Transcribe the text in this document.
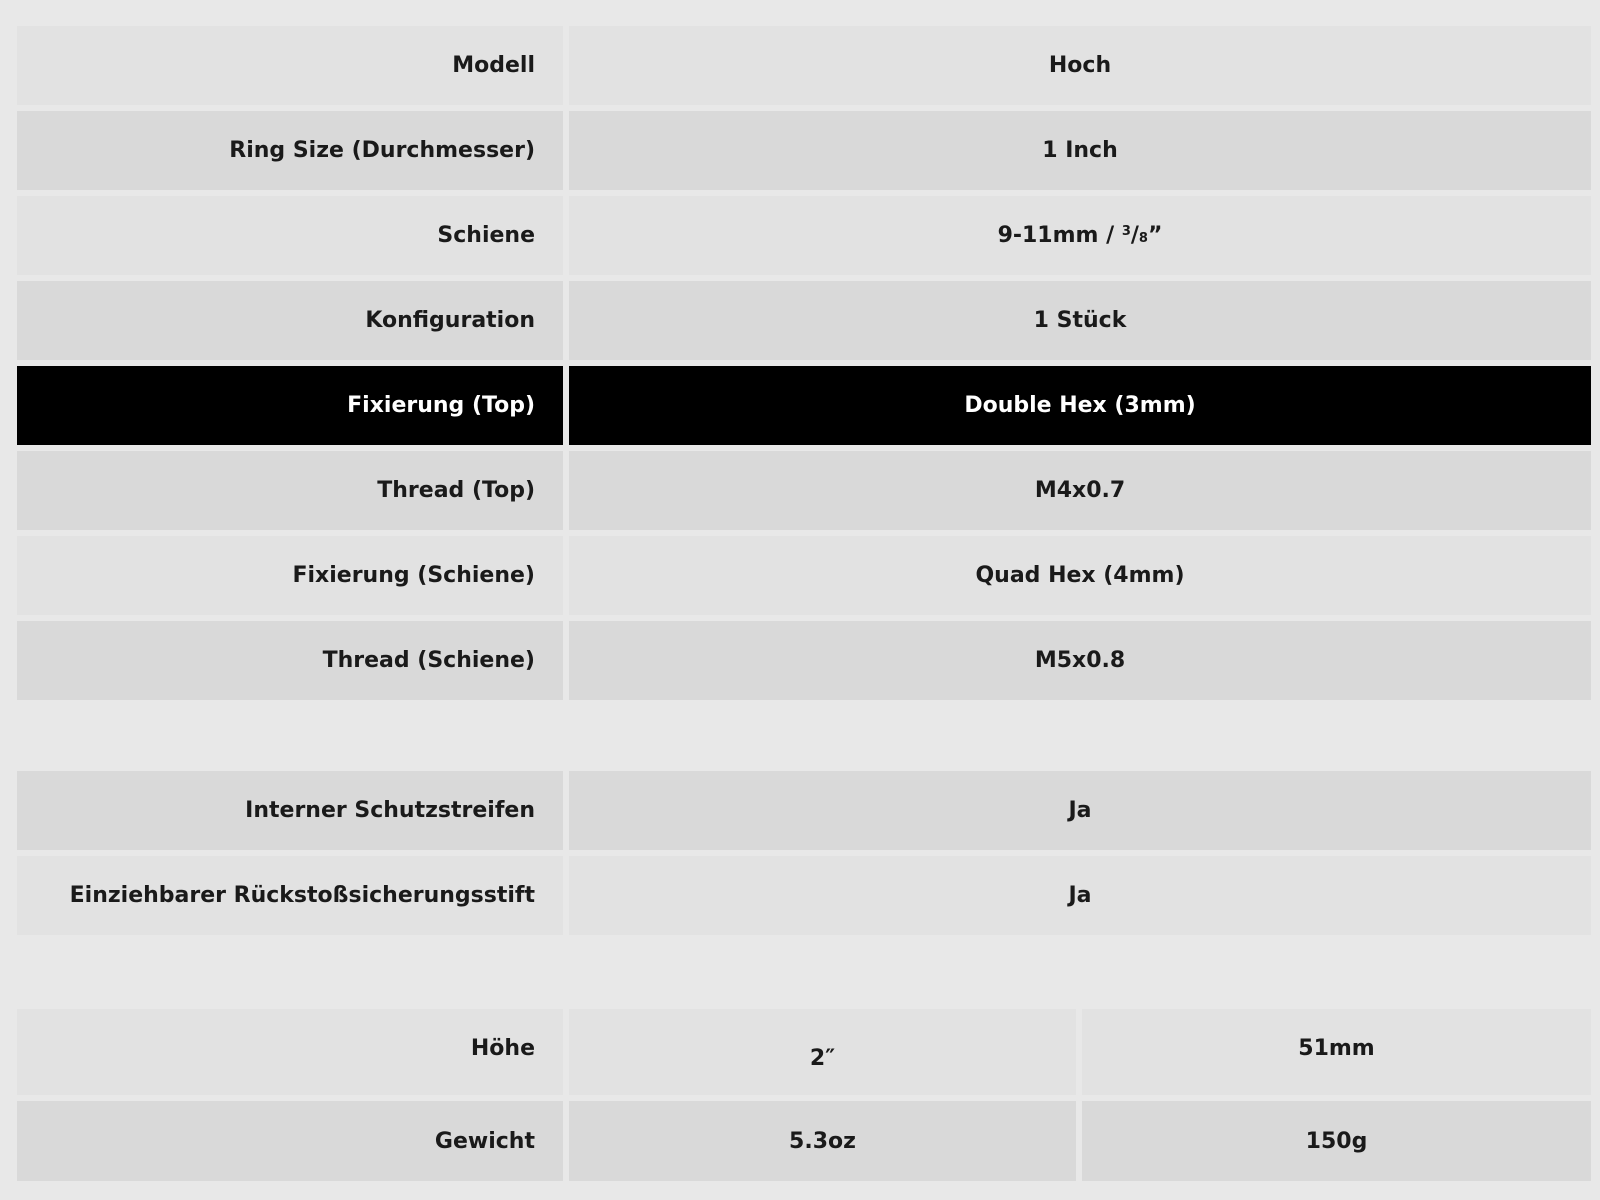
Modell	Hoch
Ring Size (Durchmesser)	1 Inch
Schiene	9-11mm / $^3$ $/_8$ ”
Konfiguration	1 Stück
Fixierung (Top)	Double Hex (3mm)
Thread (Top)	M4x0.7
Fixierung (Schiene)	Quad Hex (4mm)
Thread (Schiene)	M5x0.8
Interner Schutzstreifen	Ja
Einziehbarer Rückstoßsicherungsstift	Ja
Höhe	2″	51mm
Gewicht	5.3oz	150g
